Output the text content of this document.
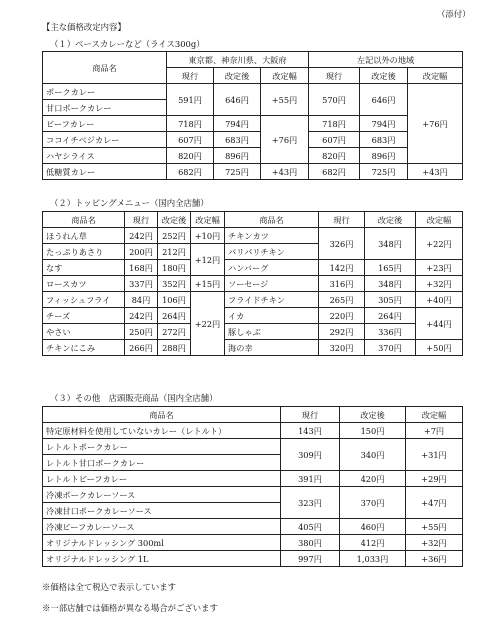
（添付）
【主な価格改定内容】
（１）ベースカレーなど（ライス300g）
商品名	東京都、神奈川県、大阪府			左記以外の地域		
	現行	改定後	改定幅	現行	改定後	改定幅
ポークカレー	591円	646円	+55円	570円	646円	+76円
甘口ポークカレー						
ビーフカレー	718円	794円	+76円	718円	794円	
ココイチベジカレー	607円	683円		607円	683円	
ハヤシライス	820円	896円		820円	896円	
低糖質カレー	682円	725円	+43円	682円	725円	+43円
（２）トッピングメニュー（国内全店舗）
商品名	現行	改定後	改定幅	商品名	現行	改定後	改定幅
ほうれん草	242円	252円	+10円	チキンカツ	326円	348円	+22円
たっぷりあさり	200円	212円	+12円	パリパリチキン			
なす	168円	180円		ハンバーグ	142円	165円	+23円
ロースカツ	337円	352円	+15円	ソーセージ	316円	348円	+32円
フィッシュフライ	84円	106円	+22円	フライドチキン	265円	305円	+40円
チーズ	242円	264円		イカ	220円	264円	+44円
やさい	250円	272円		豚しゃぶ	292円	336円	
チキンにこみ	266円	288円		海の幸	320円	370円	+50円
（３）その他　店頭販売商品（国内全店舗）
商品名	現行	改定後	改定幅
特定原材料を使用していないカレー（レトルト）	143円	150円	+7円
レトルトポークカレー	309円	340円	+31円
レトルト甘口ポークカレー			
レトルトビーフカレー	391円	420円	+29円
冷凍ポークカレーソース	323円	370円	+47円
冷凍甘口ポークカレーソース			
冷凍ビーフカレーソース	405円	460円	+55円
オリジナルドレッシング 300ml	380円	412円	+32円
オリジナルドレッシング 1L	997円	1,033円	+36円
※価格は全て税込で表示しています
※一部店舗では価格が異なる場合がございます
